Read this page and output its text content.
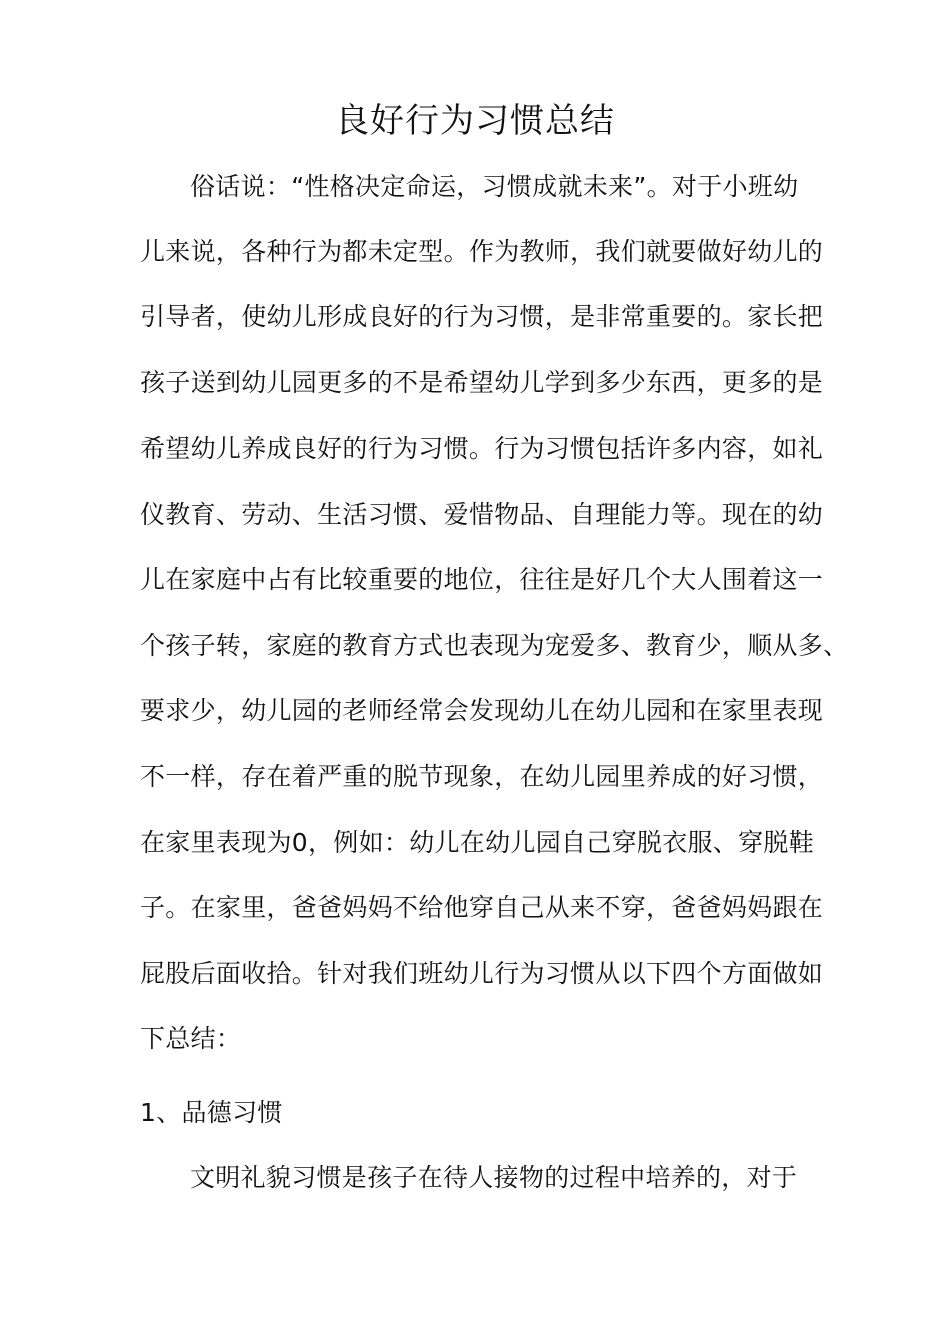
良好行为习惯总结
俗话说：“性格决定命运，习惯成就未来”。对于小班幼
儿来说，各种行为都未定型。作为教师，我们就要做好幼儿的
引导者，使幼儿形成良好的行为习惯，是非常重要的。家长把
孩子送到幼儿园更多的不是希望幼儿学到多少东西，更多的是
希望幼儿养成良好的行为习惯。行为习惯包括许多内容，如礼
仪教育、劳动、生活习惯、爱惜物品、自理能力等。现在的幼
儿在家庭中占有比较重要的地位，往往是好几个大人围着这一
个孩子转，家庭的教育方式也表现为宠爱多、教育少，顺从多、
要求少，幼儿园的老师经常会发现幼儿在幼儿园和在家里表现
不一样，存在着严重的脱节现象，在幼儿园里养成的好习惯，
在家里表现为0，例如：幼儿在幼儿园自己穿脱衣服、穿脱鞋
子。在家里，爸爸妈妈不给他穿自己从来不穿，爸爸妈妈跟在
屁股后面收拾。针对我们班幼儿行为习惯从以下四个方面做如
下总结：
1、品德习惯
文明礼貌习惯是孩子在待人接物的过程中培养的，对于
